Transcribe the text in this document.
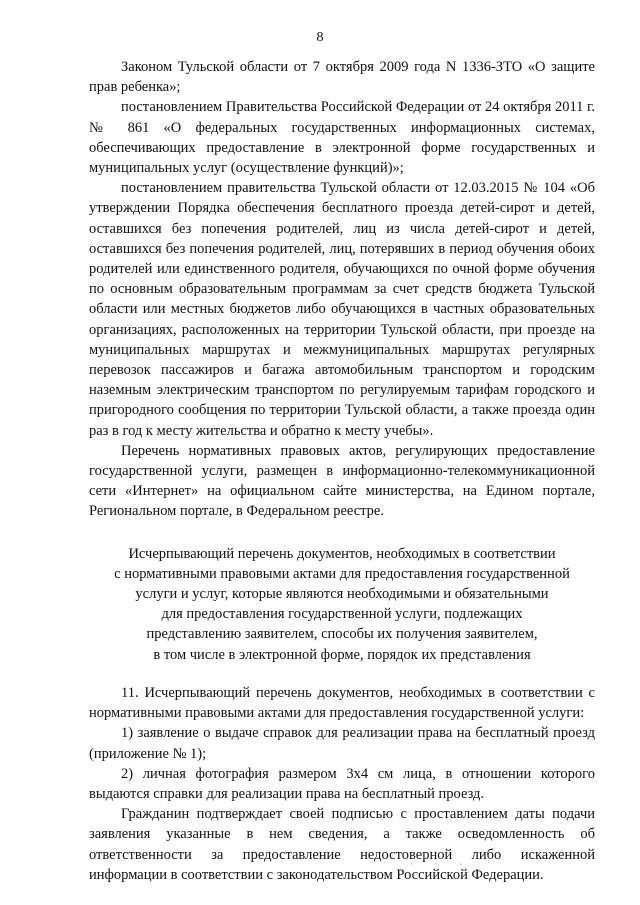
8

Законом Тульской области от 7 октября 2009 года N 1336-ЗТО «О защите прав ребенка»;

постановлением Правительства Российской Федерации от 24 октября 2011 г. № 861 «О федеральных государственных информационных системах, обеспечивающих предоставление в электронной форме государственных и муниципальных услуг (осуществление функций)»;

постановлением правительства Тульской области от 12.03.2015 № 104 «Об утверждении Порядка обеспечения бесплатного проезда детей-сирот и детей, оставшихся без попечения родителей, лиц из числа детей-сирот и детей, оставшихся без попечения родителей, лиц, потерявших в период обучения обоих родителей или единственного родителя, обучающихся по очной форме обучения по основным образовательным программам за счет средств бюджета Тульской области или местных бюджетов либо обучающихся в частных образовательных организациях, расположенных на территории Тульской области, при проезде на муниципальных маршрутах и межмуниципальных маршрутах регулярных перевозок пассажиров и багажа автомобильным транспортом и городским наземным электрическим транспортом по регулируемым тарифам городского и пригородного сообщения по территории Тульской области, а также проезда один раз в год к месту жительства и обратно к месту учебы».

Перечень нормативных правовых актов, регулирующих предоставление государственной услуги, размещен в информационно-телекоммуникационной сети «Интернет» на официальном сайте министерства, на Едином портале, Региональном портале, в Федеральном реестре.

Исчерпывающий перечень документов, необходимых в соответствии
с нормативными правовыми актами для предоставления государственной
услуги и услуг, которые являются необходимыми и обязательными
для предоставления государственной услуги, подлежащих
представлению заявителем, способы их получения заявителем,
в том числе в электронной форме, порядок их представления

11. Исчерпывающий перечень документов, необходимых в соответствии с нормативными правовыми актами для предоставления государственной услуги:

1) заявление о выдаче справок для реализации права на бесплатный проезд (приложение № 1);

2) личная фотография размером 3х4 см лица, в отношении которого выдаются справки для реализации права на бесплатный проезд.

Гражданин подтверждает своей подписью с проставлением даты подачи заявления указанные в нем сведения, а также осведомленность об ответственности за предоставление недостоверной либо искаженной информации в соответствии с законодательством Российской Федерации.

· · ·
